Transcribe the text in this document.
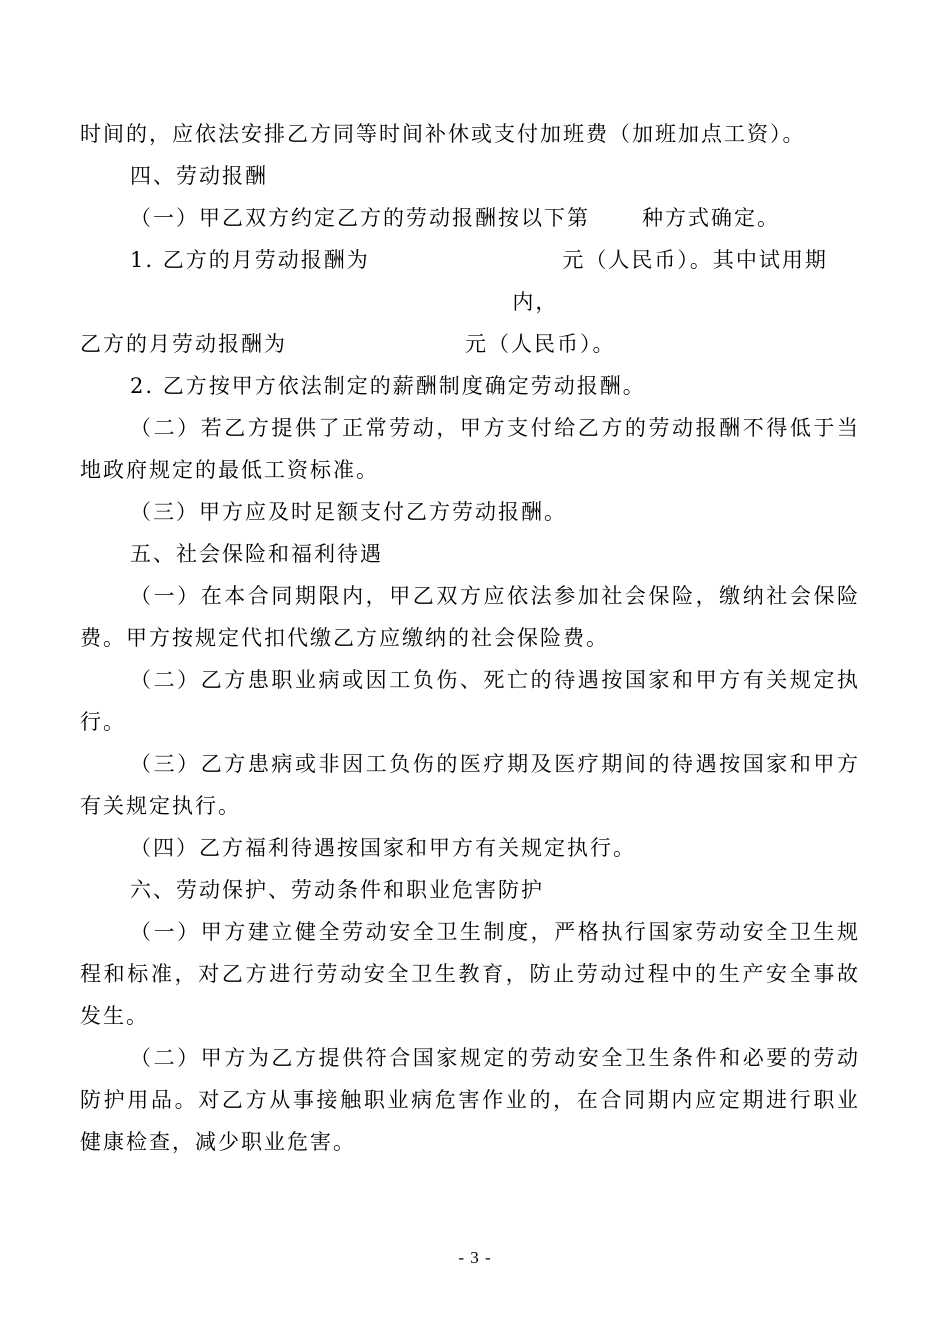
时间的，应依法安排乙方同等时间补休或支付加班费（加班加点工资）。

四、劳动报酬

（一）甲乙双方约定乙方的劳动报酬按以下第 种方式确定。

1. 乙方的月劳动报酬为	元（人民币）。其中试用期内，

乙方的月劳动报酬为	元（人民币）。

2. 乙方按甲方依法制定的薪酬制度确定劳动报酬。

（二）若乙方提供了正常劳动，甲方支付给乙方的劳动报酬不得低于当地政府规定的最低工资标准。

（三）甲方应及时足额支付乙方劳动报酬。

五、社会保险和福利待遇

（一）在本合同期限内，甲乙双方应依法参加社会保险，缴纳社会保险费。甲方按规定代扣代缴乙方应缴纳的社会保险费。

（二）乙方患职业病或因工负伤、死亡的待遇按国家和甲方有关规定执行。

（三）乙方患病或非因工负伤的医疗期及医疗期间的待遇按国家和甲方有关规定执行。

（四）乙方福利待遇按国家和甲方有关规定执行。

六、劳动保护、劳动条件和职业危害防护

（一）甲方建立健全劳动安全卫生制度，严格执行国家劳动安全卫生规程和标准，对乙方进行劳动安全卫生教育，防止劳动过程中的生产安全事故发生。

（二）甲方为乙方提供符合国家规定的劳动安全卫生条件和必要的劳动防护用品。对乙方从事接触职业病危害作业的，在合同期内应定期进行职业健康检查，减少职业危害。

- 3 -
